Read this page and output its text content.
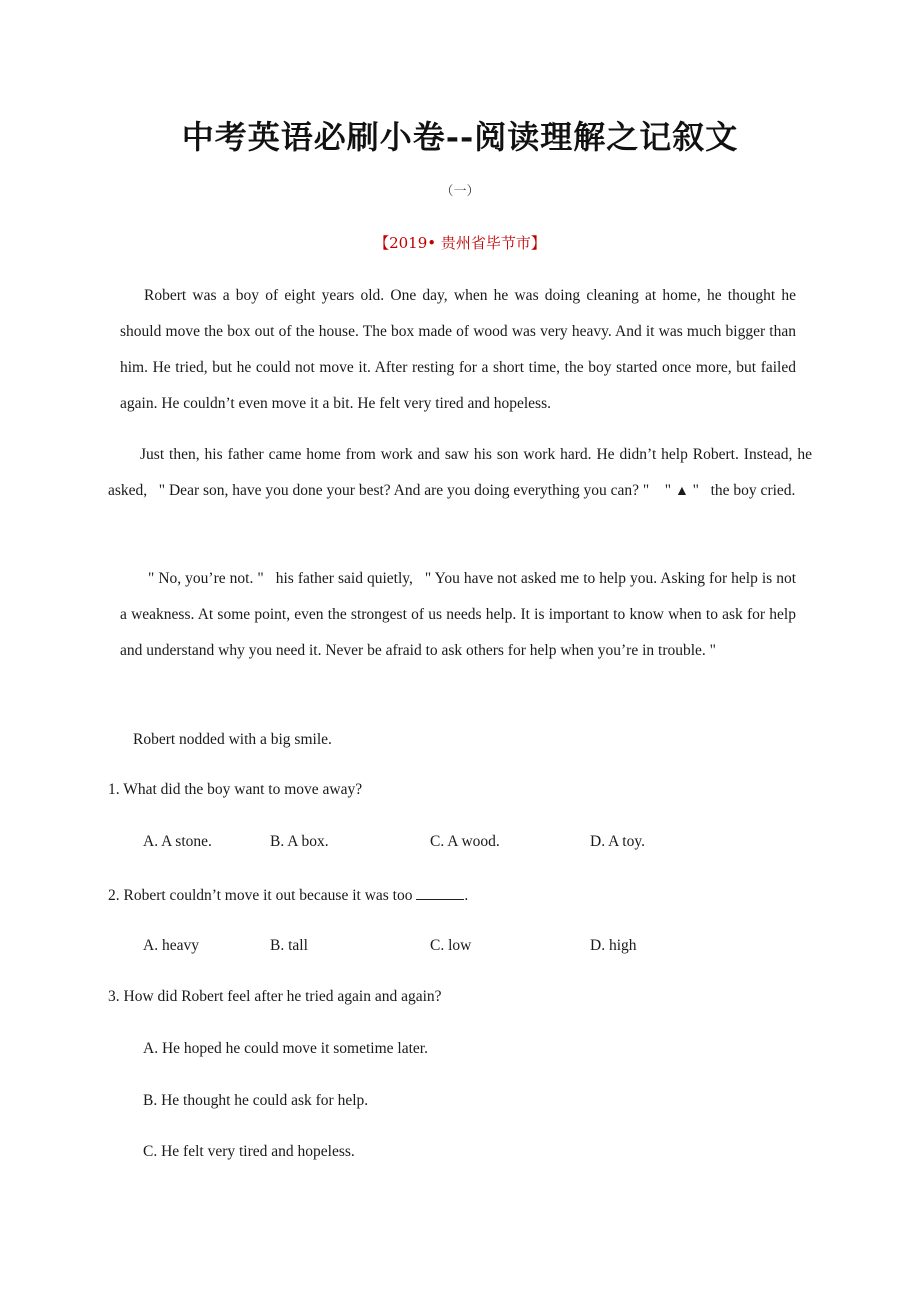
中考英语必刷小卷--阅读理解之记叙文
（一）
【2019• 贵州省毕节市】

Robert was a boy of eight years old. One day, when he was doing cleaning at home, he thought he should move the box out of the house. The box made of wood was very heavy. And it was much bigger than him. He tried, but he could not move it. After resting for a short time, the boy started once more, but failed again. He couldn’t even move it a bit. He felt very tired and hopeless.

Just then, his father came home from work and saw his son work hard. He didn’t help Robert. Instead, he asked,   " Dear son, have you done your best? And are you doing everything you can? "    " ▲ "   the boy cried.

" No, you’re not. "   his father said quietly,   " You have not asked me to help you. Asking for help is not a weakness. At some point, even the strongest of us needs help. It is important to know when to ask for help and understand why you need it. Never be afraid to ask others for help when you’re in trouble. "

Robert nodded with a big smile.

1. What did the boy want to move away?
A. A stone.	B. A box.	C. A wood.	D. A toy.
2. Robert couldn’t move it out because it was too	.
A. heavy	B. tall	C. low	D. high
3. How did Robert feel after he tried again and again?
A. He hoped he could move it sometime later.
B. He thought he could ask for help.
C. He felt very tired and hopeless.
